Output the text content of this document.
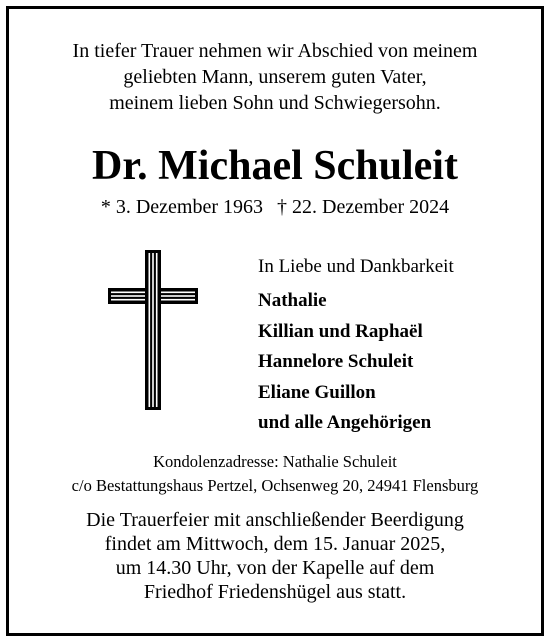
In tiefer Trauer nehmen wir Abschied von meinem
geliebten Mann, unserem guten Vater,
meinem lieben Sohn und Schwiegersohn.
Dr. Michael Schuleit
* 3. Dezember 1963 † 22. Dezember 2024
In Liebe und Dankbarkeit
Nathalie
Killian und Raphaël
Hannelore Schuleit
Eliane Guillon
und alle Angehörigen
Kondolenzadresse: Nathalie Schuleit
c/o Bestattungshaus Pertzel, Ochsenweg 20, 24941 Flensburg
Die Trauerfeier mit anschließender Beerdigung
findet am Mittwoch, dem 15. Januar 2025,
um 14.30 Uhr, von der Kapelle auf dem
Friedhof Friedenshügel aus statt.
